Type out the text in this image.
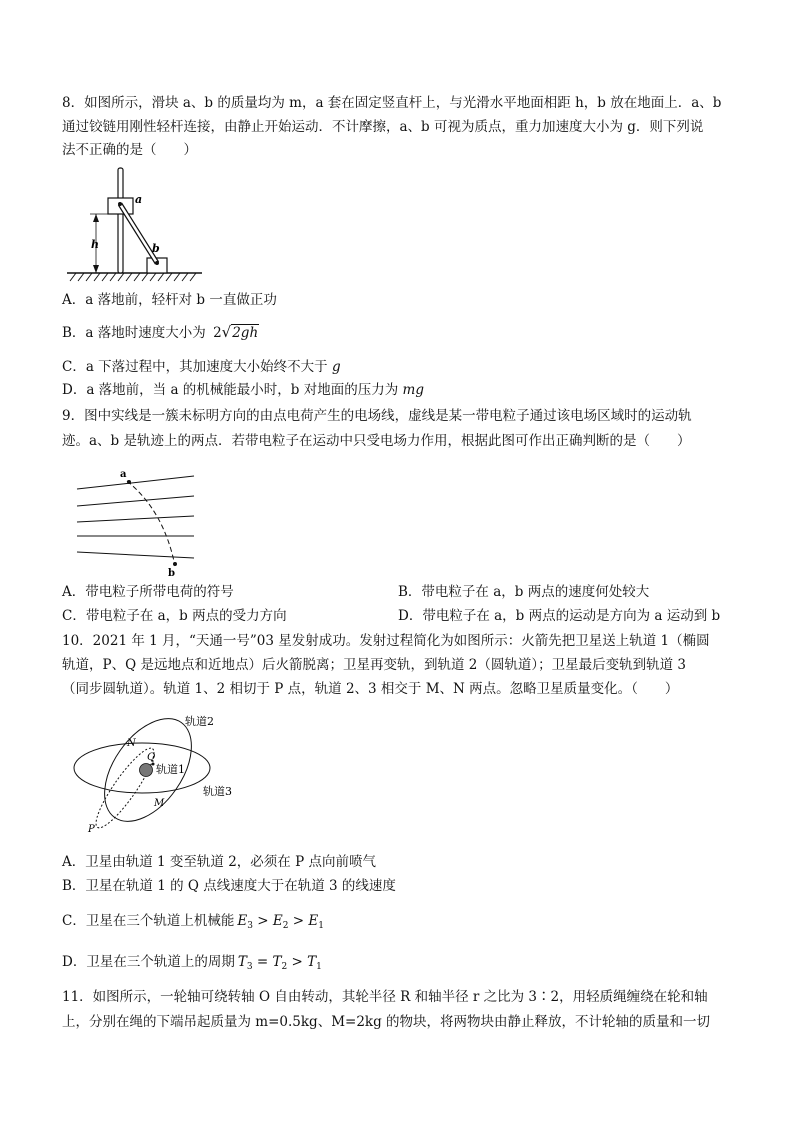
8．如图所示，滑块 a、b 的质量均为 m，a 套在固定竖直杆上，与光滑水平地面相距 h，b 放在地面上．a、b
通过铰链用刚性轻杆连接，由静止开始运动．不计摩擦，a、b 可视为质点，重力加速度大小为 g．则下列说
法不正确的是（　　）
h
a
b
A．a 落地前，轻杆对 b 一直做正功
B．a 落地时速度大小为 2√2gh
C．a 下落过程中，其加速度大小始终不大于 g
D．a 落地前，当 a 的机械能最小时，b 对地面的压力为 mg
9．图中实线是一簇未标明方向的由点电荷产生的电场线，虚线是某一带电粒子通过该电场区域时的运动轨
迹。a、b 是轨迹上的两点．若带电粒子在运动中只受电场力作用，根据此图可作出正确判断的是（　　）
a
b
A．带电粒子所带电荷的符号	B．带电粒子在 a，b 两点的速度何处较大
C．带电粒子在 a，b 两点的受力方向	D．带电粒子在 a，b 两点的运动是方向为 a 运动到 b
10．2021 年 1 月，“天通一号”03 星发射成功。发射过程简化为如图所示：火箭先把卫星送上轨道 1（椭圆
轨道，P、Q 是远地点和近地点）后火箭脱离；卫星再变轨，到轨道 2（圆轨道）；卫星最后变轨到轨道 3
（同步圆轨道）。轨道 1、2 相切于 P 点，轨道 2、3 相交于 M、N 两点。忽略卫星质量变化。（　　）
轨道2
轨道1
轨道3
N
Q
M
P
A．卫星由轨道 1 变至轨道 2，必须在 P 点向前喷气
B．卫星在轨道 1 的 Q 点线速度大于在轨道 3 的线速度
C．卫星在三个轨道上机械能 $E_3 > E_2 > E_1$
D．卫星在三个轨道上的周期 $T_3 = T_2 > T_1$
11．如图所示，一轮轴可绕转轴 O 自由转动，其轮半径 R 和轴半径 r 之比为 3∶2，用轻质绳缠绕在轮和轴
上，分别在绳的下端吊起质量为 m=0.5kg、M=2kg 的物块，将两物块由静止释放，不计轮轴的质量和一切
